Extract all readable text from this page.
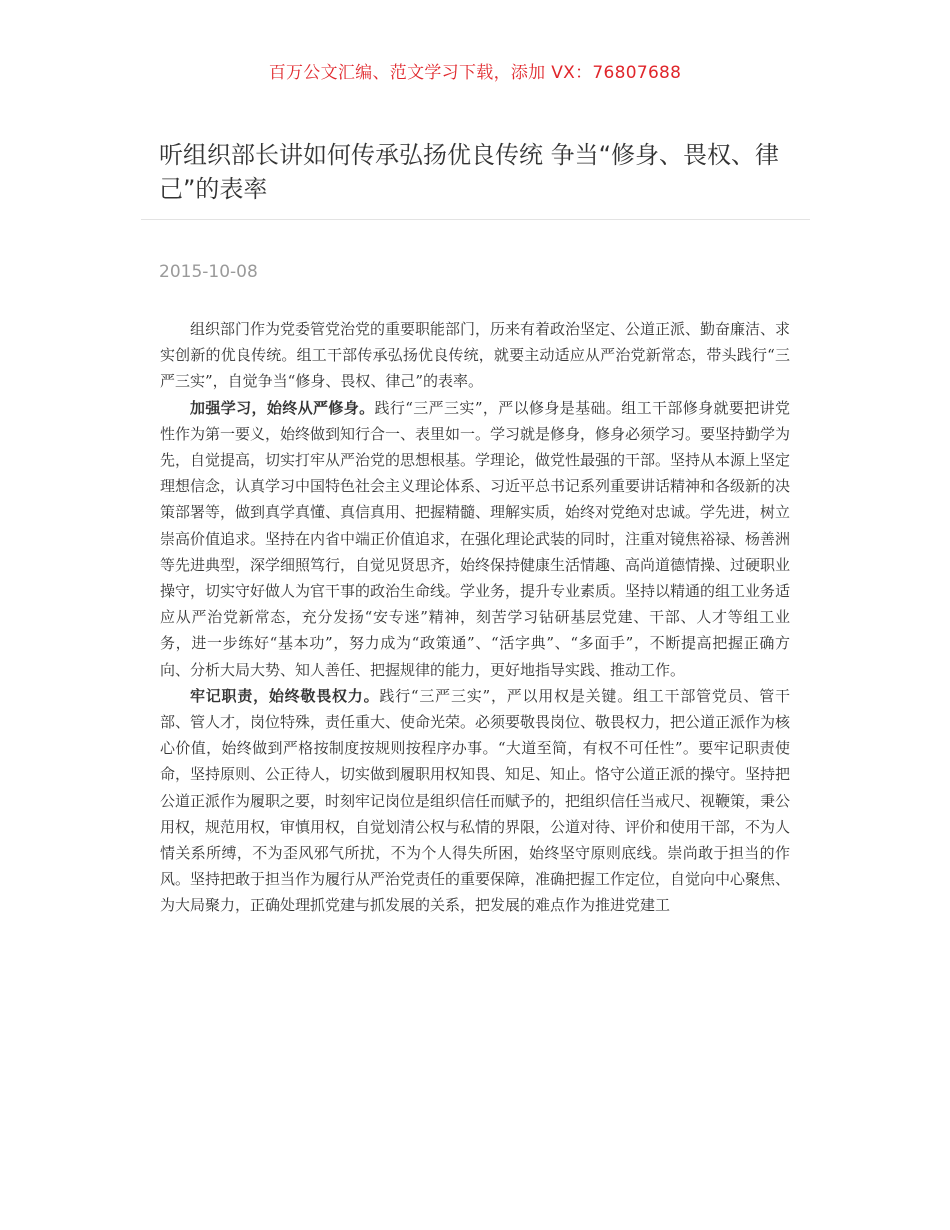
百万公文汇编、范文学习下载，添加 VX：76807688
听组织部长讲如何传承弘扬优良传统 争当“修身、畏权、律己”的表率
2015-10-08

组织部门作为党委管党治党的重要职能部门，历来有着政治坚定、公道正派、勤奋廉洁、求实创新的优良传统。组工干部传承弘扬优良传统，就要主动适应从严治党新常态，带头践行“三严三实”，自觉争当“修身、畏权、律己”的表率。

加强学习，始终从严修身。践行“三严三实”，严以修身是基础。组工干部修身就要把讲党性作为第一要义，始终做到知行合一、表里如一。学习就是修身，修身必须学习。要坚持勤学为先，自觉提高，切实打牢从严治党的思想根基。学理论，做党性最强的干部。坚持从本源上坚定理想信念，认真学习中国特色社会主义理论体系、习近平总书记系列重要讲话精神和各级新的决策部署等，做到真学真懂、真信真用、把握精髓、理解实质，始终对党绝对忠诚。学先进，树立崇高价值追求。坚持在内省中端正价值追求，在强化理论武装的同时，注重对镜焦裕禄、杨善洲等先进典型，深学细照笃行，自觉见贤思齐，始终保持健康生活情趣、高尚道德情操、过硬职业操守，切实守好做人为官干事的政治生命线。学业务，提升专业素质。坚持以精通的组工业务适应从严治党新常态，充分发扬“安专迷”精神，刻苦学习钻研基层党建、干部、人才等组工业务，进一步练好“基本功”，努力成为“政策通”、“活字典”、“多面手”，不断提高把握正确方向、分析大局大势、知人善任、把握规律的能力，更好地指导实践、推动工作。

牢记职责，始终敬畏权力。践行“三严三实”，严以用权是关键。组工干部管党员、管干部、管人才，岗位特殊，责任重大、使命光荣。必须要敬畏岗位、敬畏权力，把公道正派作为核心价值，始终做到严格按制度按规则按程序办事。“大道至简，有权不可任性”。要牢记职责使命，坚持原则、公正待人，切实做到履职用权知畏、知足、知止。恪守公道正派的操守。坚持把公道正派作为履职之要，时刻牢记岗位是组织信任而赋予的，把组织信任当戒尺、视鞭策，秉公用权，规范用权，审慎用权，自觉划清公权与私情的界限，公道对待、评价和使用干部，不为人情关系所缚，不为歪风邪气所扰，不为个人得失所困，始终坚守原则底线。崇尚敢于担当的作风。坚持把敢于担当作为履行从严治党责任的重要保障，准确把握工作定位，自觉向中心聚焦、为大局聚力，正确处理抓党建与抓发展的关系，把发展的难点作为推进党建工
